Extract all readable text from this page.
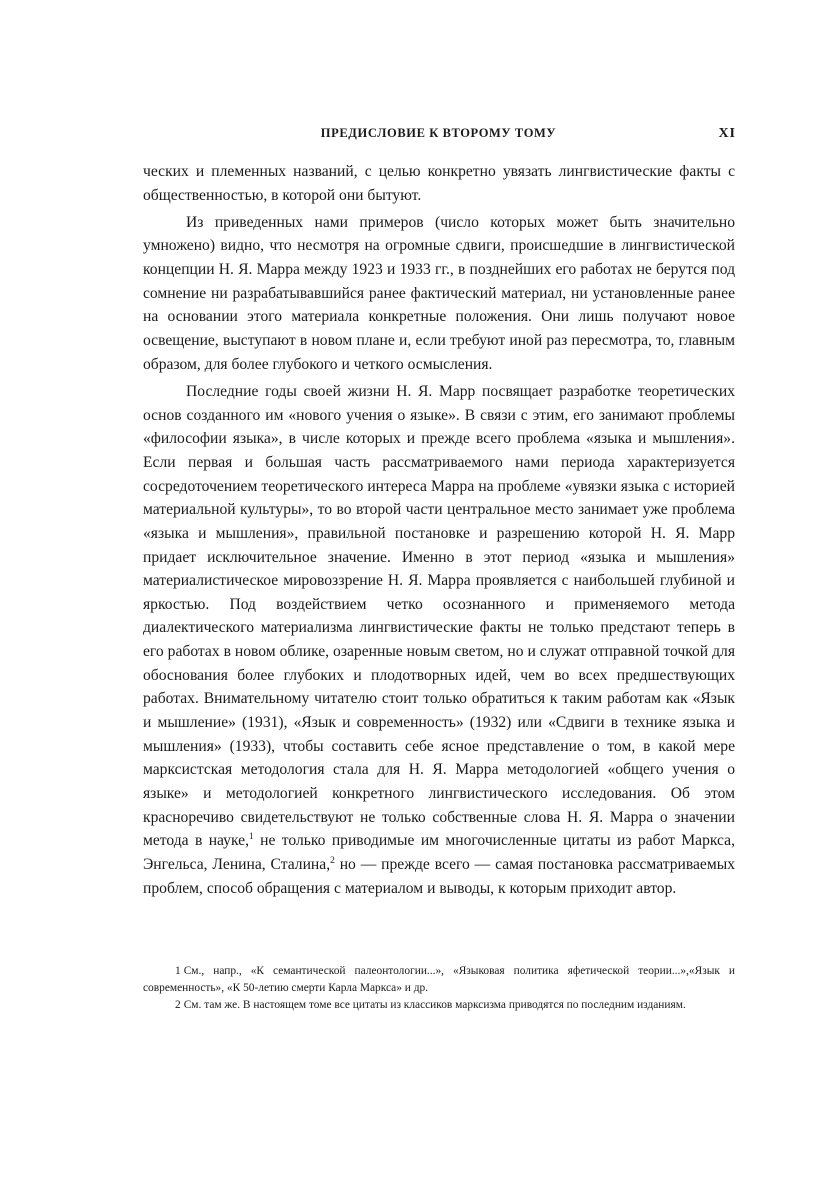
ПРЕДИСЛОВИЕ К ВТОРОМУ ТОМУ	XI

ческих и племенных названий, с целью конкретно увязать лингвистические факты с общественностью, в которой они бытуют.

Из приведенных нами примеров (число которых может быть значительно умножено) видно, что несмотря на огромные сдвиги, происшедшие в лингвистической концепции Н. Я. Марра между 1923 и 1933 гг., в позднейших его работах не берутся под сомнение ни разрабатывавшийся ранее фактический материал, ни установленные ранее на основании этого материала конкретные положения. Они лишь получают новое освещение, выступают в новом плане и, если требуют иной раз пересмотра, то, главным образом, для более глубокого и четкого осмысления.

Последние годы своей жизни Н. Я. Марр посвящает разработке теоретических основ созданного им «нового учения о языке». В связи с этим, его занимают проблемы «философии языка», в числе которых и прежде всего проблема «языка и мышления». Если первая и большая часть рассматриваемого нами периода характеризуется сосредоточением теоретического интереса Марра на проблеме «увязки языка с историей материальной культуры», то во второй части центральное место занимает уже проблема «языка и мышления», правильной постановке и разрешению которой Н. Я. Марр придает исключительное значение. Именно в этот период «языка и мышления» материалистическое мировоззрение Н. Я. Марра проявляется с наибольшей глубиной и яркостью. Под воздействием четко осознанного и применяемого метода диалектического материализма лингвистические факты не только предстают теперь в его работах в новом облике, озаренные новым светом, но и служат отправной точкой для обоснования более глубоких и плодотворных идей, чем во всех предшествующих работах. Внимательному читателю стоит только обратиться к таким работам как «Язык и мышление» (1931), «Язык и современность» (1932) или «Сдвиги в технике языка и мышления» (1933), чтобы составить себе ясное представление о том, в какой мере марксистская методология стала для Н. Я. Марра методологией «общего учения о языке» и методологией конкретного лингвистического исследования. Об этом красноречиво свидетельствуют не только собственные слова Н. Я. Марра о значении метода в науке,$^1$ не только приводимые им многочисленные цитаты из работ Маркса, Энгельса, Ленина, Сталина,$^2$ но — прежде всего — самая постановка рассматриваемых проблем, способ обращения с материалом и выводы, к которым приходит автор.

1 См., напр., «К семантической палеонтологии...», «Языковая политика яфетической теории...»,«Язык и современность», «К 50-летию смерти Карла Маркса» и др.

2 См. там же. В настоящем томе все цитаты из классиков марксизма приводятся по последним изданиям.
